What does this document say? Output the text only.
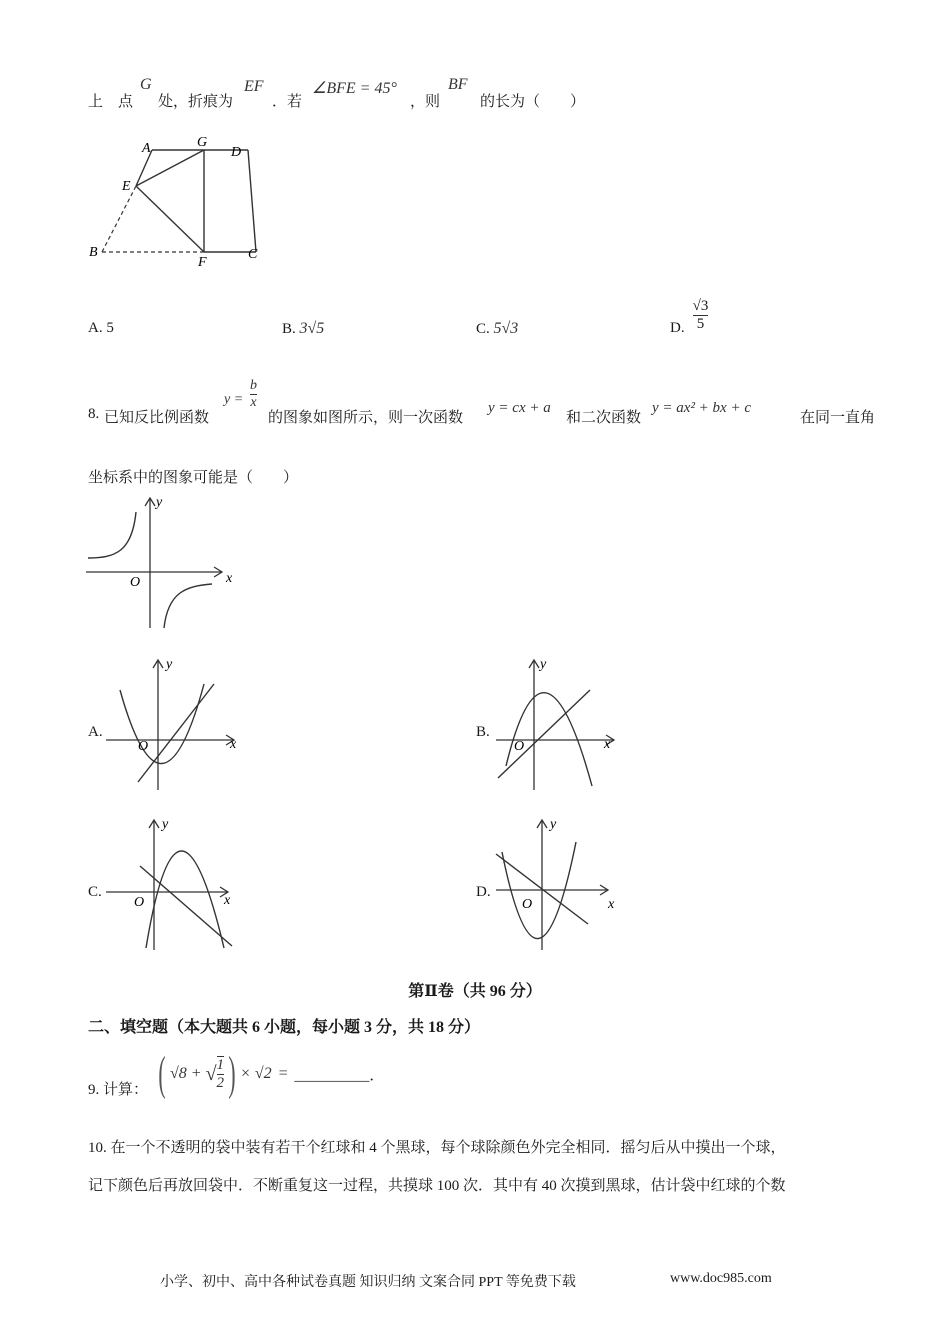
上　点
G
处，折痕为
EF
．若
∠BFE = 45°
，则
BF
的长为（　　）
A	G
D
E
B
F
C
A. 5	B. 3√5	C. 5√3	D. $\frac{√3}{5}$
8. 已知反比例函数
$y = \frac{b}{x}$
的图象如图所示，则一次函数
y = cx + a
和二次函数
y = ax² + bx + c
在同一直角
坐标系中的图象可能是（　　）
y
x
O
A.
y
x
O
B.
y
x
O
C.
y
x
O
D.
y
x
O
第Ⅱ卷（共 96 分）
二、填空题（本大题共 6 小题，每小题 3 分，共 18 分）
9. 计算： ( √8 + √ $\frac{1}{2}$ ) × √2 = __________．
10. 在一个不透明的袋中装有若干个红球和 4 个黑球，每个球除颜色外完全相同．摇匀后从中摸出一个球，
记下颜色后再放回袋中．不断重复这一过程，共摸球 100 次．其中有 40 次摸到黑球，估计袋中红球的个数
小学、初中、高中各种试卷真题 知识归纳 文案合同 PPT 等免费下载	www.doc985.com
